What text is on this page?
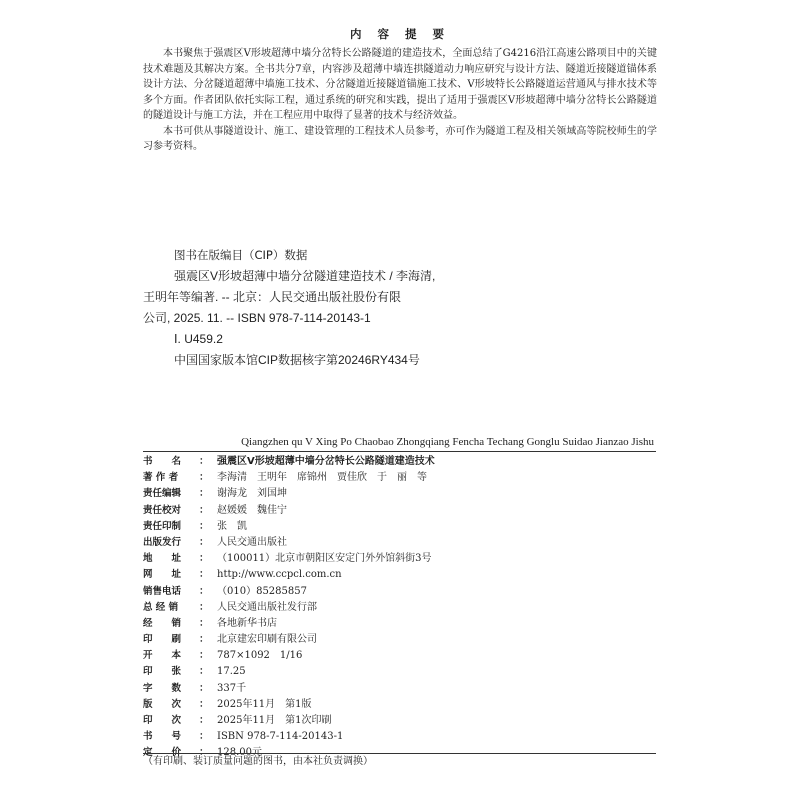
内 容 提 要

本书聚焦于强震区V形坡超薄中墙分岔特长公路隧道的建造技术，全面总结了G4216沿江高速公路项目中的关键技术难题及其解决方案。全书共分7章，内容涉及超薄中墙连拱隧道动力响应研究与设计方法、隧道近接隧道锚体系设计方法、分岔隧道超薄中墙施工技术、分岔隧道近接隧道锚施工技术、V形坡特长公路隧道运营通风与排水技术等多个方面。作者团队依托实际工程，通过系统的研究和实践，提出了适用于强震区V形坡超薄中墙分岔特长公路隧道的隧道设计与施工方法，并在工程应用中取得了显著的技术与经济效益。

本书可供从事隧道设计、施工、建设管理的工程技术人员参考，亦可作为隧道工程及相关领域高等院校师生的学习参考资料。

图书在版编目（CIP）数据
强震区V形坡超薄中墙分岔隧道建造技术 / 李海清,
王明年等编著. -- 北京：人民交通出版社股份有限
公司, 2025. 11. -- ISBN 978-7-114-20143-1
Ⅰ. U459.2
中国国家版本馆CIP数据核字第20246RY434号
Qiangzhen qu V Xing Po Chaobao Zhongqiang Fencha Techang Gonglu Suidao Jianzao Jishu
书　　名	： 强震区V形坡超薄中墙分岔特长公路隧道建造技术
著 作 者	： 李海清　王明年　席锦州　贾佳欣　于　丽　等
责任编辑	： 谢海龙　刘国坤
责任校对	： 赵媛媛　魏佳宁
责任印制	： 张　凯
出版发行	： 人民交通出版社
地　　址	： （100011）北京市朝阳区安定门外外馆斜街3号
网　　址	： http://www.ccpcl.com.cn
销售电话	： （010）85285857
总 经 销	： 人民交通出版社发行部
经　　销	： 各地新华书店
印　　刷	： 北京建宏印刷有限公司
开　　本	： 787×1092　1/16
印　　张	： 17.25
字　　数	： 337千
版　　次	： 2025年11月　第1版
印　　次	： 2025年11月　第1次印刷
书　　号	： ISBN 978-7-114-20143-1
定　　价	： 128.00元
（有印刷、装订质量问题的图书，由本社负责调换）
